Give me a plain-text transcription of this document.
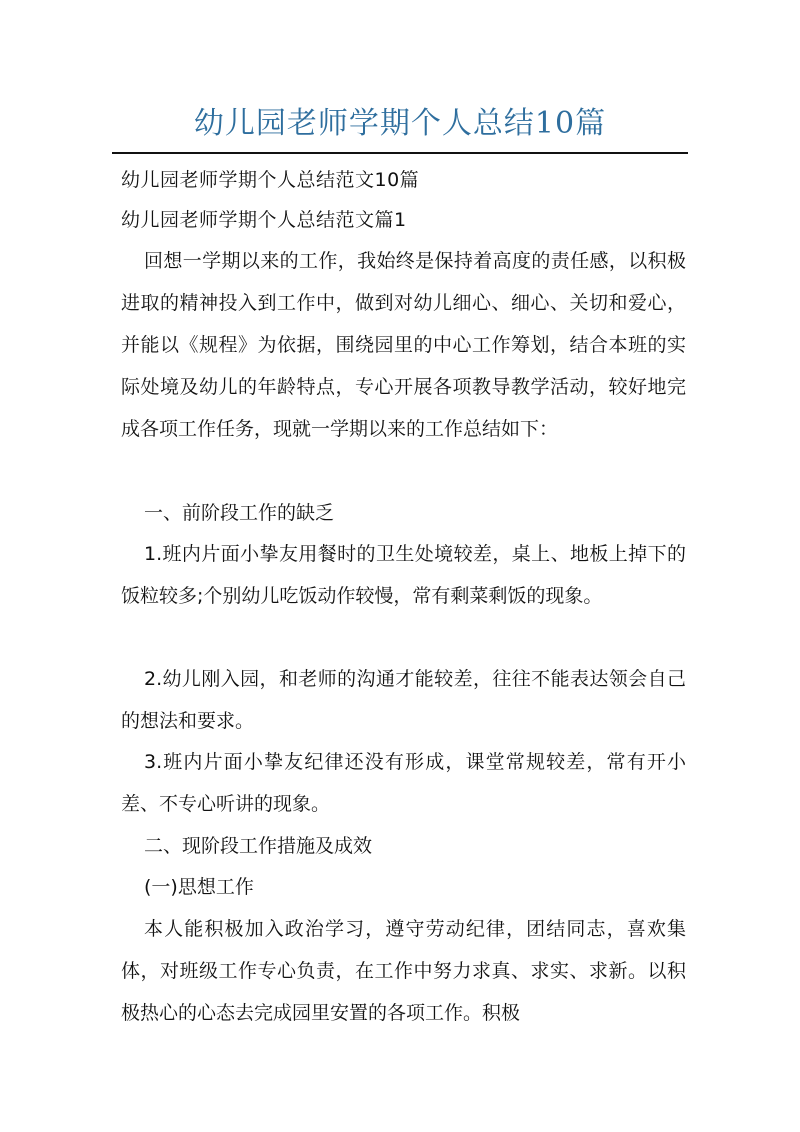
幼儿园老师学期个人总结10篇

幼儿园老师学期个人总结范文10篇

幼儿园老师学期个人总结范文篇1

回想一学期以来的工作，我始终是保持着高度的责任感，以积极进取的精神投入到工作中，做到对幼儿细心、细心、关切和爱心，并能以《规程》为依据，围绕园里的中心工作筹划，结合本班的实际处境及幼儿的年龄特点，专心开展各项教导教学活动，较好地完成各项工作任务，现就一学期以来的工作总结如下：

一、前阶段工作的缺乏

1.班内片面小挚友用餐时的卫生处境较差，桌上、地板上掉下的饭粒较多;个别幼儿吃饭动作较慢，常有剩菜剩饭的现象。

2.幼儿刚入园，和老师的沟通才能较差，往往不能表达领会自己的想法和要求。

3.班内片面小挚友纪律还没有形成，课堂常规较差，常有开小差、不专心听讲的现象。

二、现阶段工作措施及成效

(一)思想工作

本人能积极加入政治学习，遵守劳动纪律，团结同志，喜欢集体，对班级工作专心负责，在工作中努力求真、求实、求新。以积极热心的心态去完成园里安置的各项工作。积极
